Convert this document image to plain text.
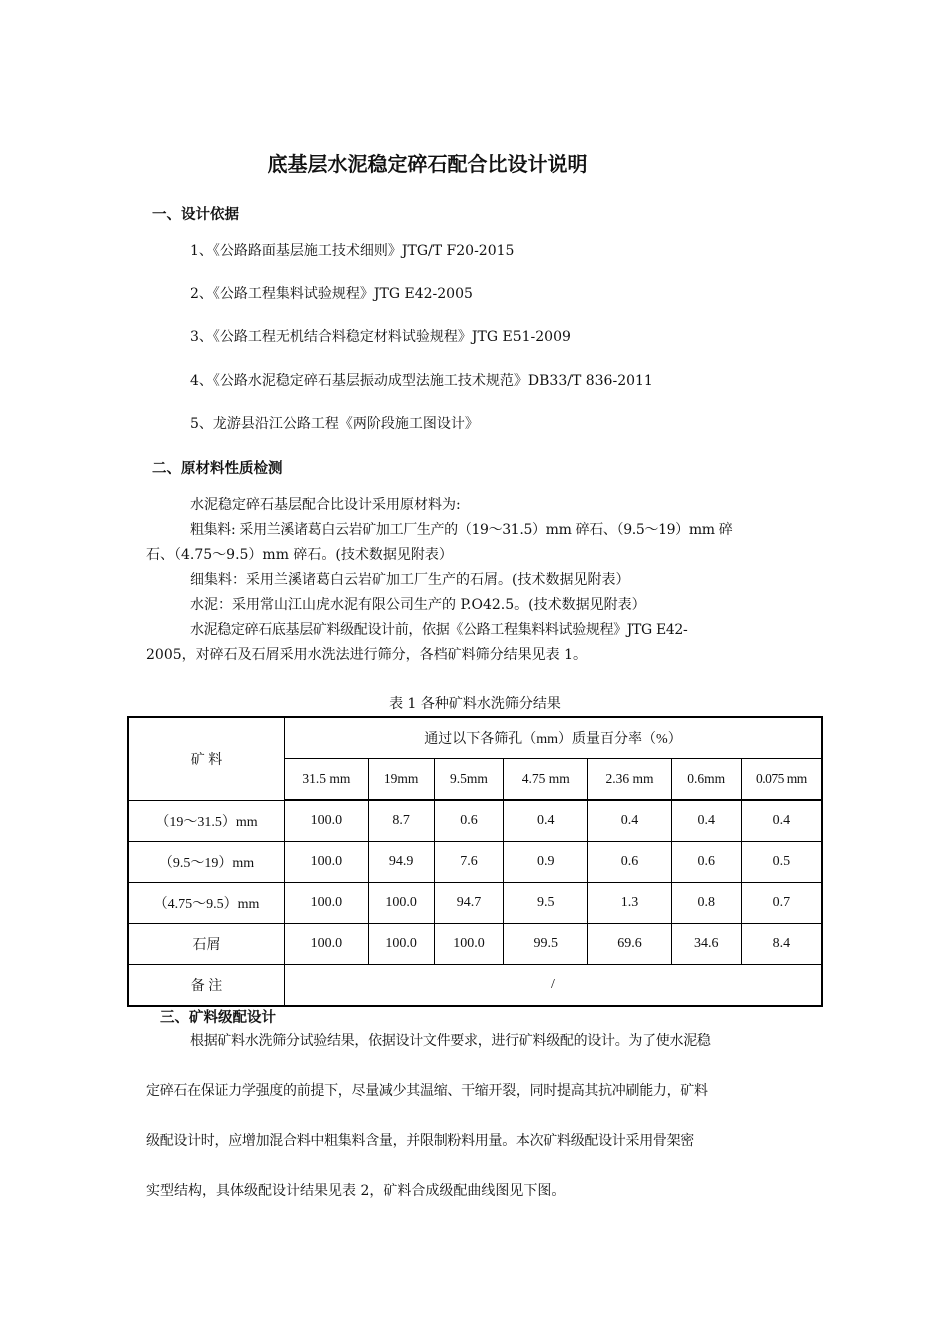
底基层水泥稳定碎石配合比设计说明
一、设计依据
1、《公路路面基层施工技术细则》JTG/T F20-2015
2、《公路工程集料试验规程》JTG E42-2005
3、《公路工程无机结合料稳定材料试验规程》JTG E51-2009
4、《公路水泥稳定碎石基层振动成型法施工技术规范》DB33/T 836-2011
5、龙游县沿江公路工程《两阶段施工图设计》
二、原材料性质检测
水泥稳定碎石基层配合比设计采用原材料为:
粗集料: 采用兰溪诸葛白云岩矿加工厂生产的（19～31.5）mm 碎石、（9.5～19）mm 碎
石、（4.75～9.5）mm 碎石。(技术数据见附表）
细集料：采用兰溪诸葛白云岩矿加工厂生产的石屑。(技术数据见附表）
水泥：采用常山江山虎水泥有限公司生产的 P.O42.5。(技术数据见附表）
水泥稳定碎石底基层矿料级配设计前，依据《公路工程集料料试验规程》JTG E42-
2005，对碎石及石屑采用水洗法进行筛分，各档矿料筛分结果见表 1。
表 1 各种矿料水洗筛分结果
矿 料	通过以下各筛孔（mm）质量百分率（%）						
	31.5 mm	19mm	9.5mm	4.75 mm	2.36 mm	0.6mm	0.075 mm
（19～31.5）mm	100.0	8.7	0.6	0.4	0.4	0.4	0.4
（9.5～19）mm	100.0	94.9	7.6	0.9	0.6	0.6	0.5
（4.75～9.5）mm	100.0	100.0	94.7	9.5	1.3	0.8	0.7
石屑	100.0	100.0	100.0	99.5	69.6	34.6	8.4
备 注	/						
三、矿料级配设计
根据矿料水洗筛分试验结果，依据设计文件要求，进行矿料级配的设计。为了使水泥稳
定碎石在保证力学强度的前提下，尽量减少其温缩、干缩开裂，同时提高其抗冲刷能力，矿料
级配设计时，应增加混合料中粗集料含量，并限制粉料用量。本次矿料级配设计采用骨架密
实型结构，具体级配设计结果见表 2，矿料合成级配曲线图见下图。
